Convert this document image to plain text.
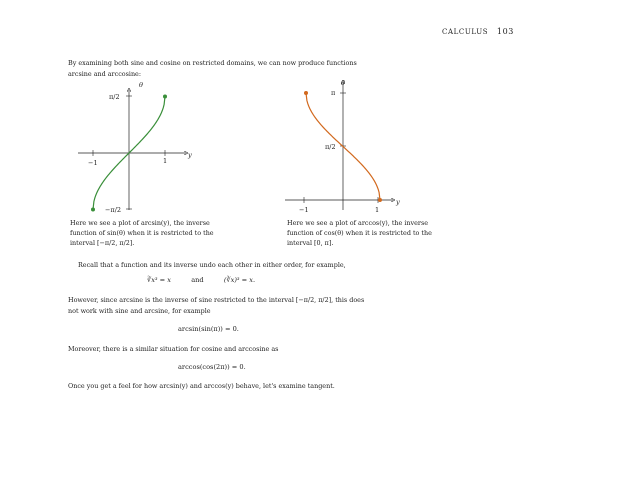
CALCULUS 103
By examining both sine and cosine on restricted domains, we can now produce functions arcsine and arccosine:
θ
y
π/2
−π/2
−1	1
Here we see a plot of arcsin(y), the inverse function of sin(θ) when it is restricted to the interval [−π/2, π/2].
θ
y
π
π/2
−1	1
Here we see a plot of arccos(y), the inverse function of cos(θ) when it is restricted to the interval [0, π].
Recall that a function and its inverse undo each other in either order, for example,
∛x³ = x	and	(∛x)³ = x.
However, since arcsine is the inverse of sine restricted to the interval [−π/2, π/2], this does not work with sine and arcsine, for example
arcsin(sin(π)) = 0.
Moreover, there is a similar situation for cosine and arccosine as
arccos(cos(2π)) = 0.
Once you get a feel for how arcsin(y) and arccos(y) behave, let's examine tangent.
